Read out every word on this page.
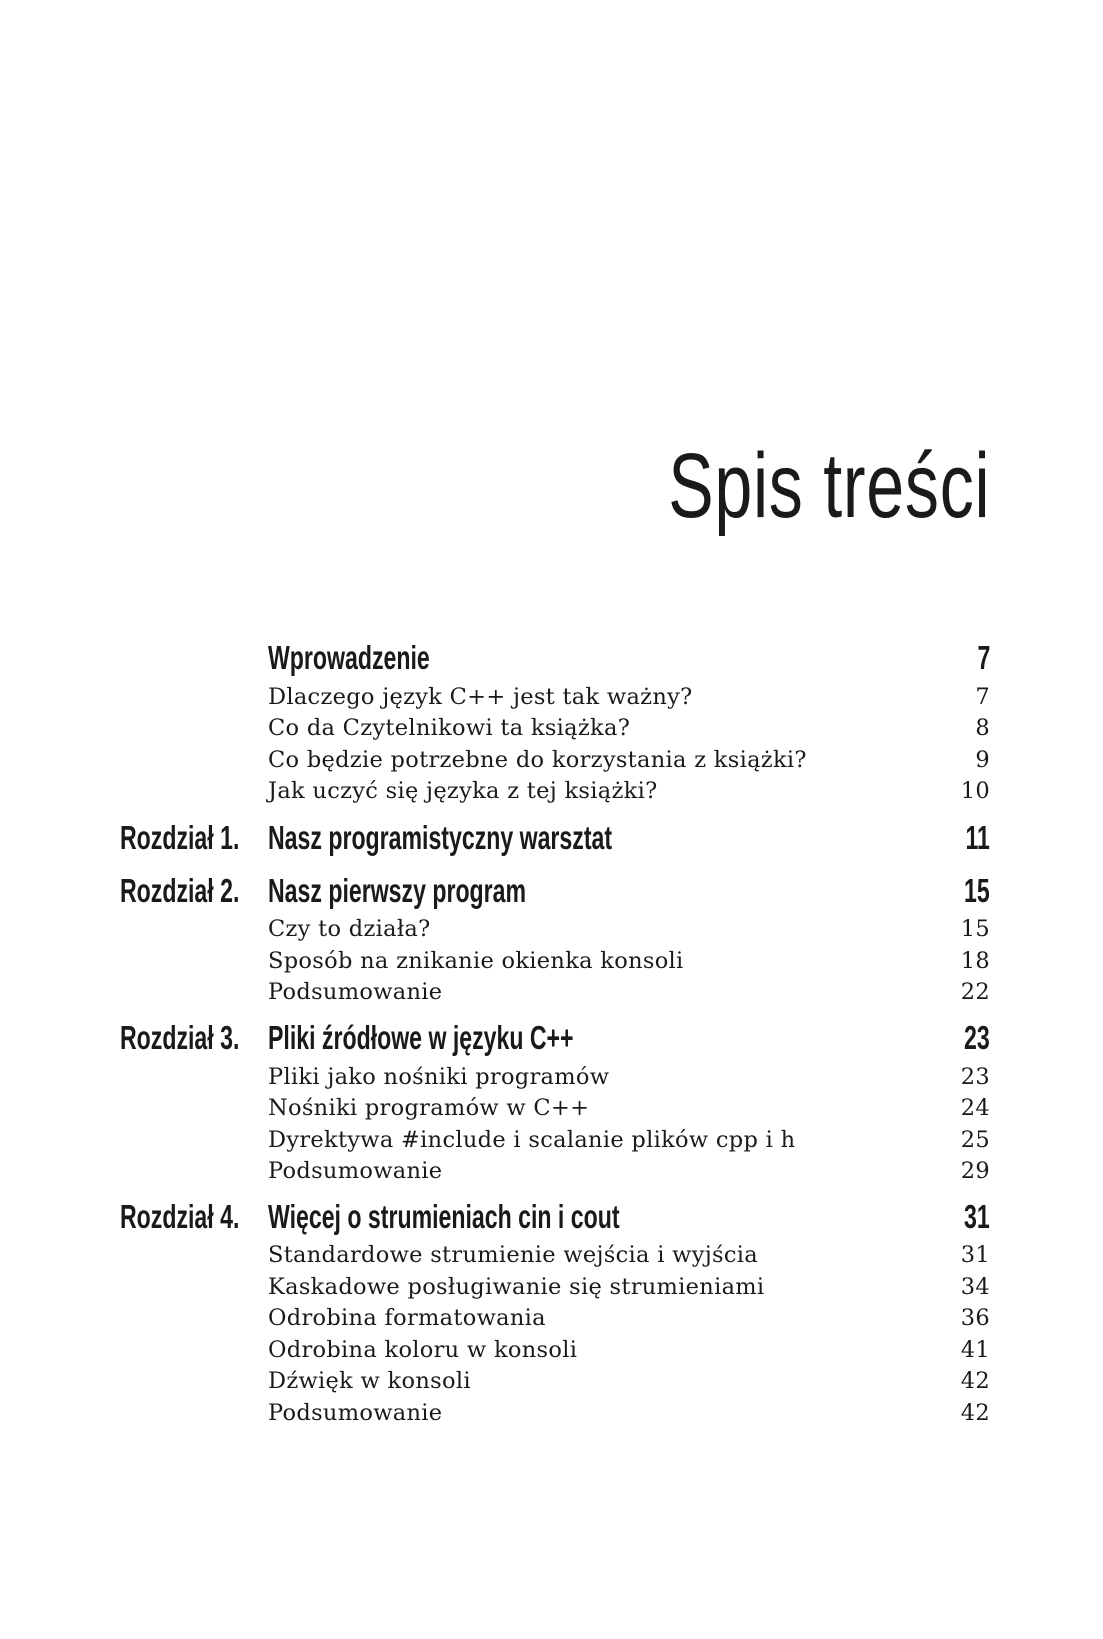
Spis treści
Wprowadzenie	7
Dlaczego język C++ jest tak ważny?	7
Co da Czytelnikowi ta książka?	8
Co będzie potrzebne do korzystania z książki?	9
Jak uczyć się języka z tej książki?	10
Rozdział 1. Nasz programistyczny warsztat	11
Rozdział 2. Nasz pierwszy program	15
Czy to działa?	15
Sposób na znikanie okienka konsoli	18
Podsumowanie	22
Rozdział 3. Pliki źródłowe w języku C++	23
Pliki jako nośniki programów	23
Nośniki programów w C++	24
Dyrektywa #include i scalanie plików cpp i h	25
Podsumowanie	29
Rozdział 4. Więcej o strumieniach cin i cout	31
Standardowe strumienie wejścia i wyjścia	31
Kaskadowe posługiwanie się strumieniami	34
Odrobina formatowania	36
Odrobina koloru w konsoli	41
Dźwięk w konsoli	42
Podsumowanie	42
